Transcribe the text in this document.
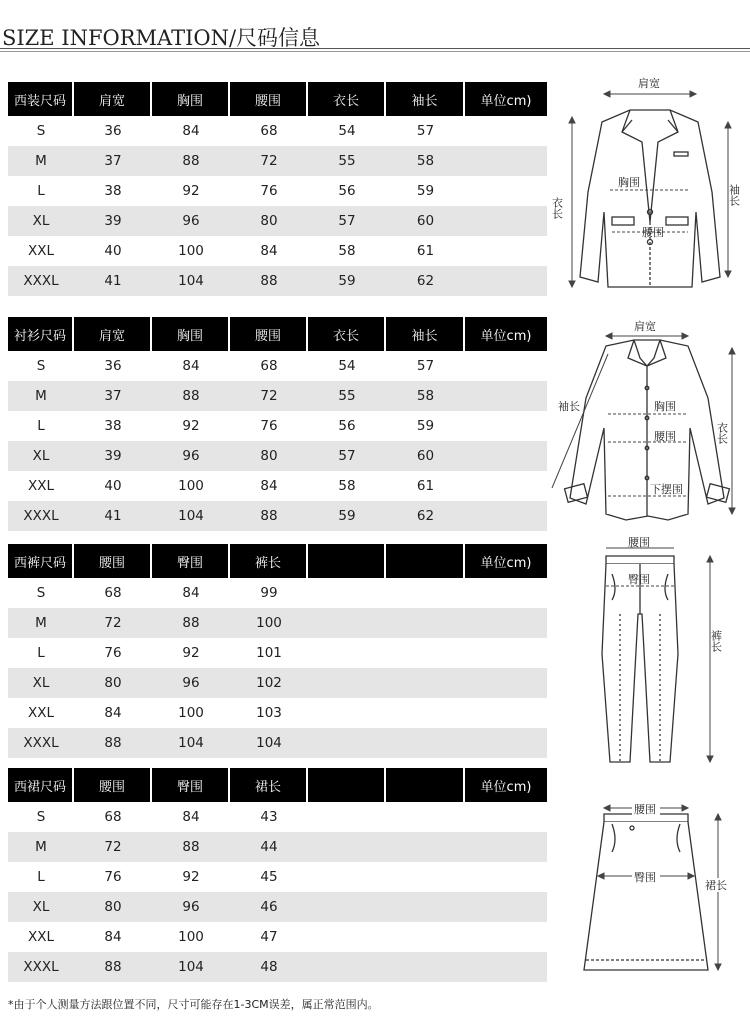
SIZE INFORMATION/尺码信息
西装尺码	肩宽	胸围	腰围	衣长	袖长	单位cm)
S	36	84	68	54	57
M	37	88	72	55	58
L	38	92	76	56	59
XL	39	96	80	57	60
XXL	40	100	84	58	61
XXXL	41	104	88	59	62
衬衫尺码	肩宽	胸围	腰围	衣长	袖长	单位cm)
S	36	84	68	54	57
M	37	88	72	55	58
L	38	92	76	56	59
XL	39	96	80	57	60
XXL	40	100	84	58	61
XXXL	41	104	88	59	62
西裤尺码	腰围	臀围	裤长	单位cm)
S	68	84	99
M	72	88	100
L	76	92	101
XL	80	96	102
XXL	84	100	103
XXXL	88	104	104
西裙尺码	腰围	臀围	裙长	单位cm)
S	68	84	43
M	72	88	44
L	76	92	45
XL	80	96	46
XXL	84	100	47
XXXL	88	104	48
肩宽
胸围
腰围
衣长
袖长
肩宽
袖长	胸围
腰围
下摆围
衣长
腰围
臀围
裤长
腰围
臀围
裙长
*由于个人测量方法跟位置不同，尺寸可能存在1-3CM误差，属正常范围内。
